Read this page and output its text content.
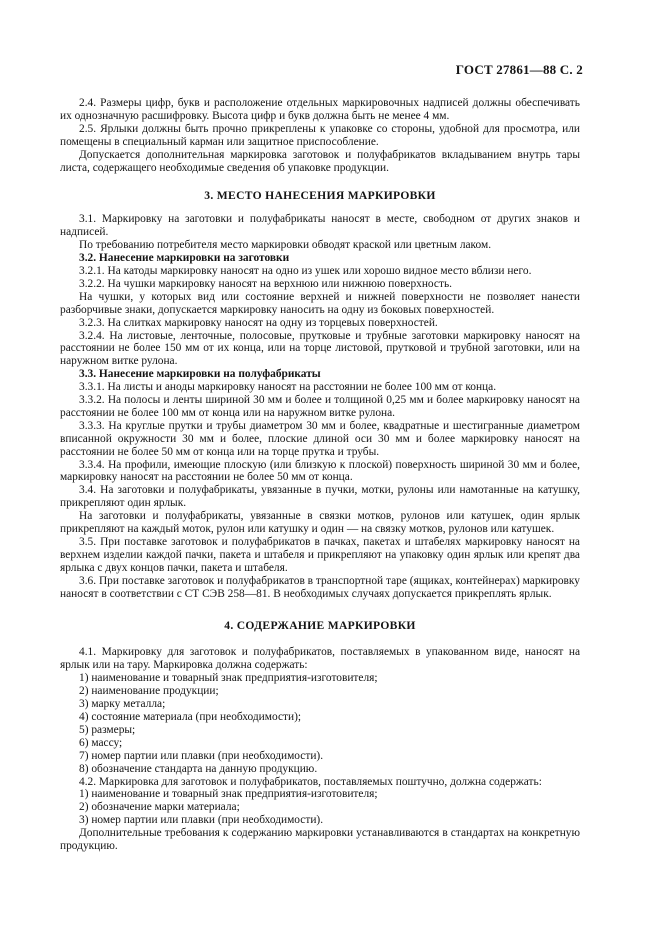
ГОСТ 27861—88 С. 2

2.4. Размеры цифр, букв и расположение отдельных маркировочных надписей должны обеспечивать их однозначную расшифровку. Высота цифр и букв должна быть не менее 4 мм.

2.5. Ярлыки должны быть прочно прикреплены к упаковке со стороны, удобной для просмотра, или помещены в специальный карман или защитное приспособление.

Допускается дополнительная маркировка заготовок и полуфабрикатов вкладыванием внутрь тары листа, содержащего необходимые сведения об упаковке продукции.

3. МЕСТО НАНЕСЕНИЯ МАРКИРОВКИ

3.1. Маркировку на заготовки и полуфабрикаты наносят в месте, свободном от других знаков и надписей.

По требованию потребителя место маркировки обводят краской или цветным лаком.

3.2. Нанесение маркировки на заготовки

3.2.1. На катоды маркировку наносят на одно из ушек или хорошо видное место вблизи него.

3.2.2. На чушки маркировку наносят на верхнюю или нижнюю поверхность.

На чушки, у которых вид или состояние верхней и нижней поверхности не позволяет нанести разборчивые знаки, допускается маркировку наносить на одну из боковых поверхностей.

3.2.3. На слитках маркировку наносят на одну из торцевых поверхностей.

3.2.4. На листовые, ленточные, полосовые, прутковые и трубные заготовки маркировку наносят на расстоянии не более 150 мм от их конца, или на торце листовой, прутковой и трубной заготовки, или на наружном витке рулона.

3.3. Нанесение маркировки на полуфабрикаты

3.3.1. На листы и аноды маркировку наносят на расстоянии не более 100 мм от конца.

3.3.2. На полосы и ленты шириной 30 мм и более и толщиной 0,25 мм и более маркировку наносят на расстоянии не более 100 мм от конца или на наружном витке рулона.

3.3.3. На круглые прутки и трубы диаметром 30 мм и более, квадратные и шестигранные диаметром вписанной окружности 30 мм и более, плоские длиной оси 30 мм и более маркировку наносят на расстоянии не более 50 мм от конца или на торце прутка и трубы.

3.3.4. На профили, имеющие плоскую (или близкую к плоской) поверхность шириной 30 мм и более, маркировку наносят на расстоянии не более 50 мм от конца.

3.4. На заготовки и полуфабрикаты, увязанные в пучки, мотки, рулоны или намотанные на катушку, прикрепляют один ярлык.

На заготовки и полуфабрикаты, увязанные в связки мотков, рулонов или катушек, один ярлык прикрепляют на каждый моток, рулон или катушку и один — на связку мотков, рулонов или катушек.

3.5. При поставке заготовок и полуфабрикатов в пачках, пакетах и штабелях маркировку наносят на верхнем изделии каждой пачки, пакета и штабеля и прикрепляют на упаковку один ярлык или крепят два ярлыка с двух концов пачки, пакета и штабеля.

3.6. При поставке заготовок и полуфабрикатов в транспортной таре (ящиках, контейнерах) маркировку наносят в соответствии с СТ СЭВ 258—81. В необходимых случаях допускается прикреплять ярлык.

4. СОДЕРЖАНИЕ МАРКИРОВКИ

4.1. Маркировку для заготовок и полуфабрикатов, поставляемых в упакованном виде, наносят на ярлык или на тару. Маркировка должна содержать:

1) наименование и товарный знак предприятия-изготовителя;

2) наименование продукции;

3) марку металла;

4) состояние материала (при необходимости);

5) размеры;

6) массу;

7) номер партии или плавки (при необходимости).

8) обозначение стандарта на данную продукцию.

4.2. Маркировка для заготовок и полуфабрикатов, поставляемых поштучно, должна содержать:

1) наименование и товарный знак предприятия-изготовителя;

2) обозначение марки материала;

3) номер партии или плавки (при необходимости).

Дополнительные требования к содержанию маркировки устанавливаются в стандартах на конкретную продукцию.
